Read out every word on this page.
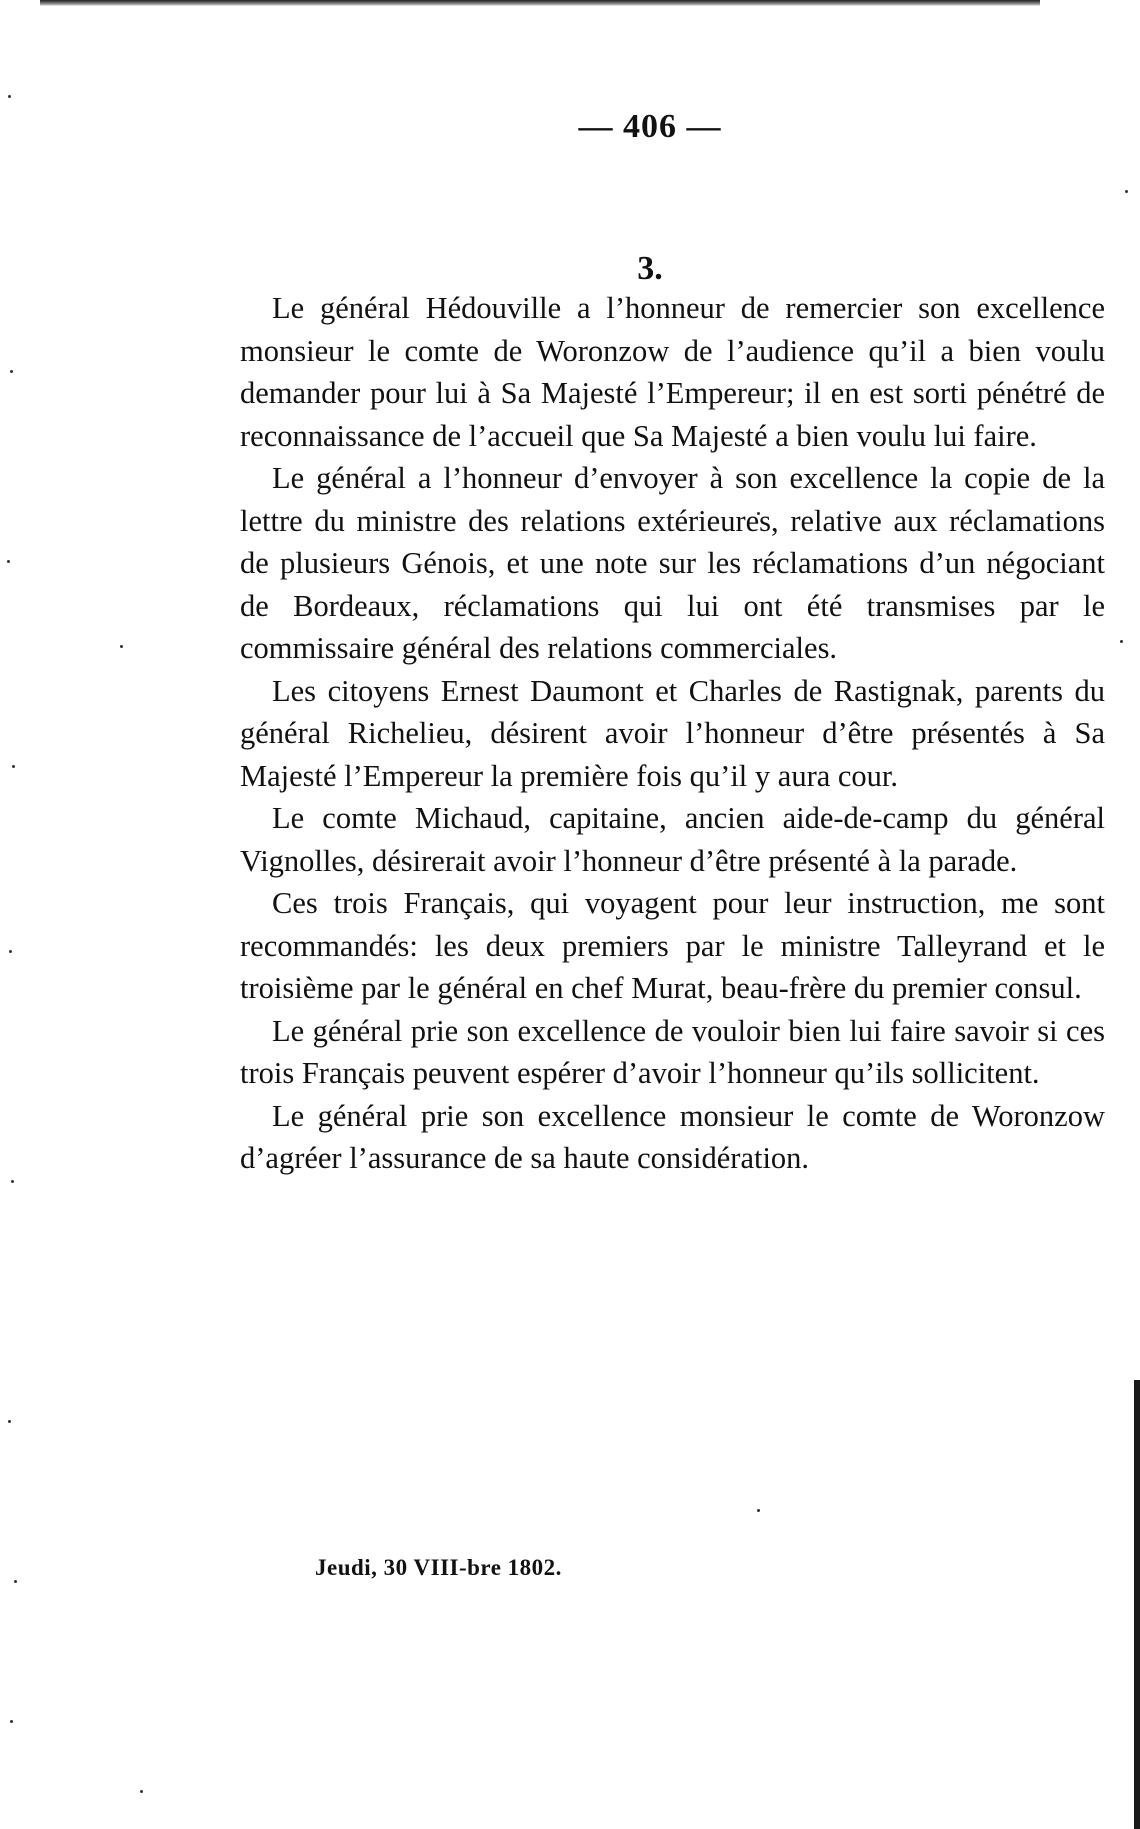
— 406 —
3.

Le général Hédouville a l’honneur de remercier son excellence monsieur le comte de Woronzow de l’audience qu’il a bien voulu demander pour lui à Sa Majesté l’Empereur; il en est sorti pénétré de reconnaissance de l’accueil que Sa Majesté a bien voulu lui faire.

Le général a l’honneur d’envoyer à son excellence la copie de la lettre du ministre des relations extérieures, relative aux réclamations de plusieurs Génois, et une note sur les réclamations d’un négociant de Bordeaux, réclamations qui lui ont été transmises par le commissaire général des relations commerciales.

Les citoyens Ernest Daumont et Charles de Rastignak, parents du général Richelieu, désirent avoir l’honneur d’être présentés à Sa Majesté l’Empereur la première fois qu’il y aura cour.

Le comte Michaud, capitaine, ancien aide-de-camp du général Vignolles, désirerait avoir l’honneur d’être présenté à la parade.

Ces trois Français, qui voyagent pour leur instruction, me sont recommandés: les deux premiers par le ministre Talleyrand et le troisième par le général en chef Murat, beau-frère du premier consul.

Le général prie son excellence de vouloir bien lui faire savoir si ces trois Français peuvent espérer d’avoir l’honneur qu’ils sollicitent.

Le général prie son excellence monsieur le comte de Woronzow d’agréer l’assurance de sa haute considération.

Jeudi, 30 VIII-bre 1802.
